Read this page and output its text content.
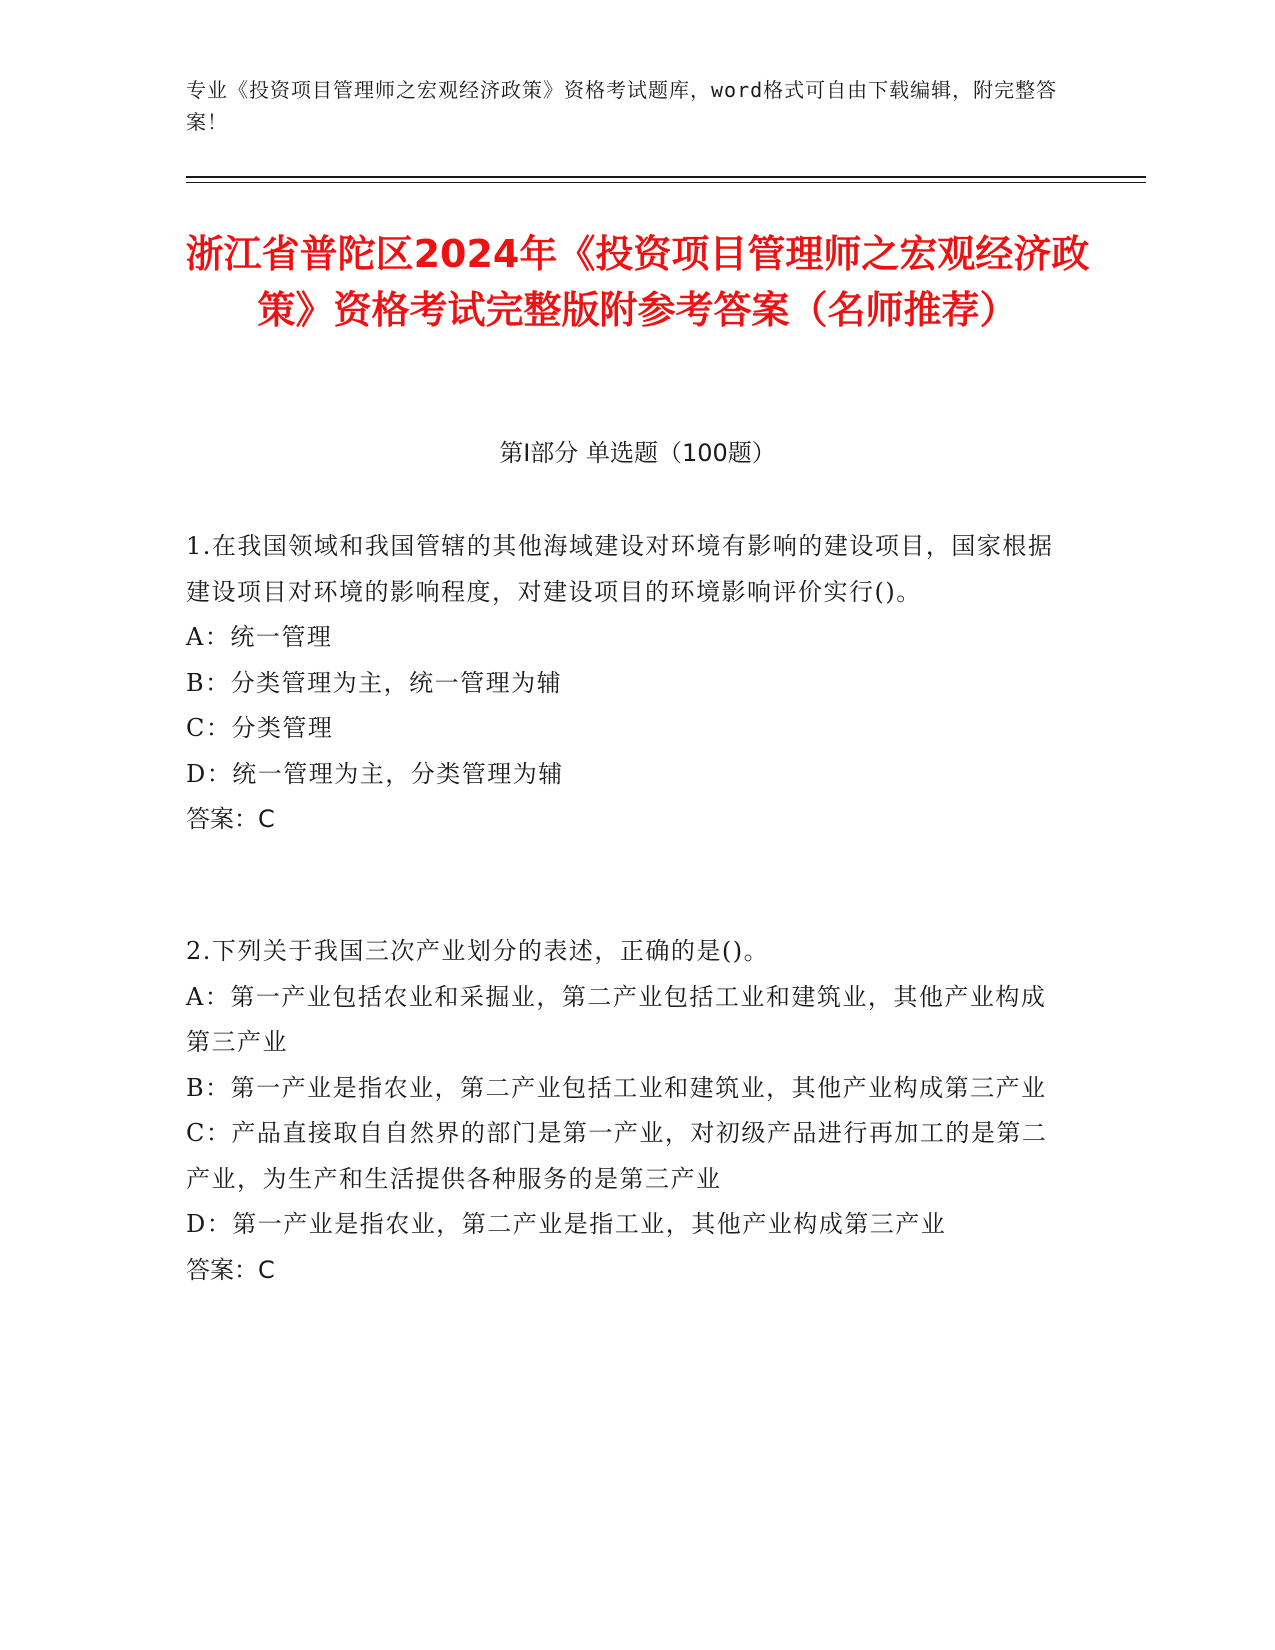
专业《投资项目管理师之宏观经济政策》资格考试题库，word格式可自由下载编辑，附完整答案！
浙江省普陀区2024年《投资项目管理师之宏观经济政策》资格考试完整版附参考答案（名师推荐）
第Ⅰ部分 单选题（100题）

1.在我国领域和我国管辖的其他海域建设对环境有影响的建设项目，国家根据建设项目对环境的影响程度，对建设项目的环境影响评价实行()。

A：统一管理

B：分类管理为主，统一管理为辅

C：分类管理

D：统一管理为主，分类管理为辅

答案：C

2.下列关于我国三次产业划分的表述，正确的是()。

A：第一产业包括农业和采掘业，第二产业包括工业和建筑业，其他产业构成第三产业

B：第一产业是指农业，第二产业包括工业和建筑业，其他产业构成第三产业

C：产品直接取自自然界的部门是第一产业，对初级产品进行再加工的是第二产业，为生产和生活提供各种服务的是第三产业

D：第一产业是指农业，第二产业是指工业，其他产业构成第三产业

答案：C
